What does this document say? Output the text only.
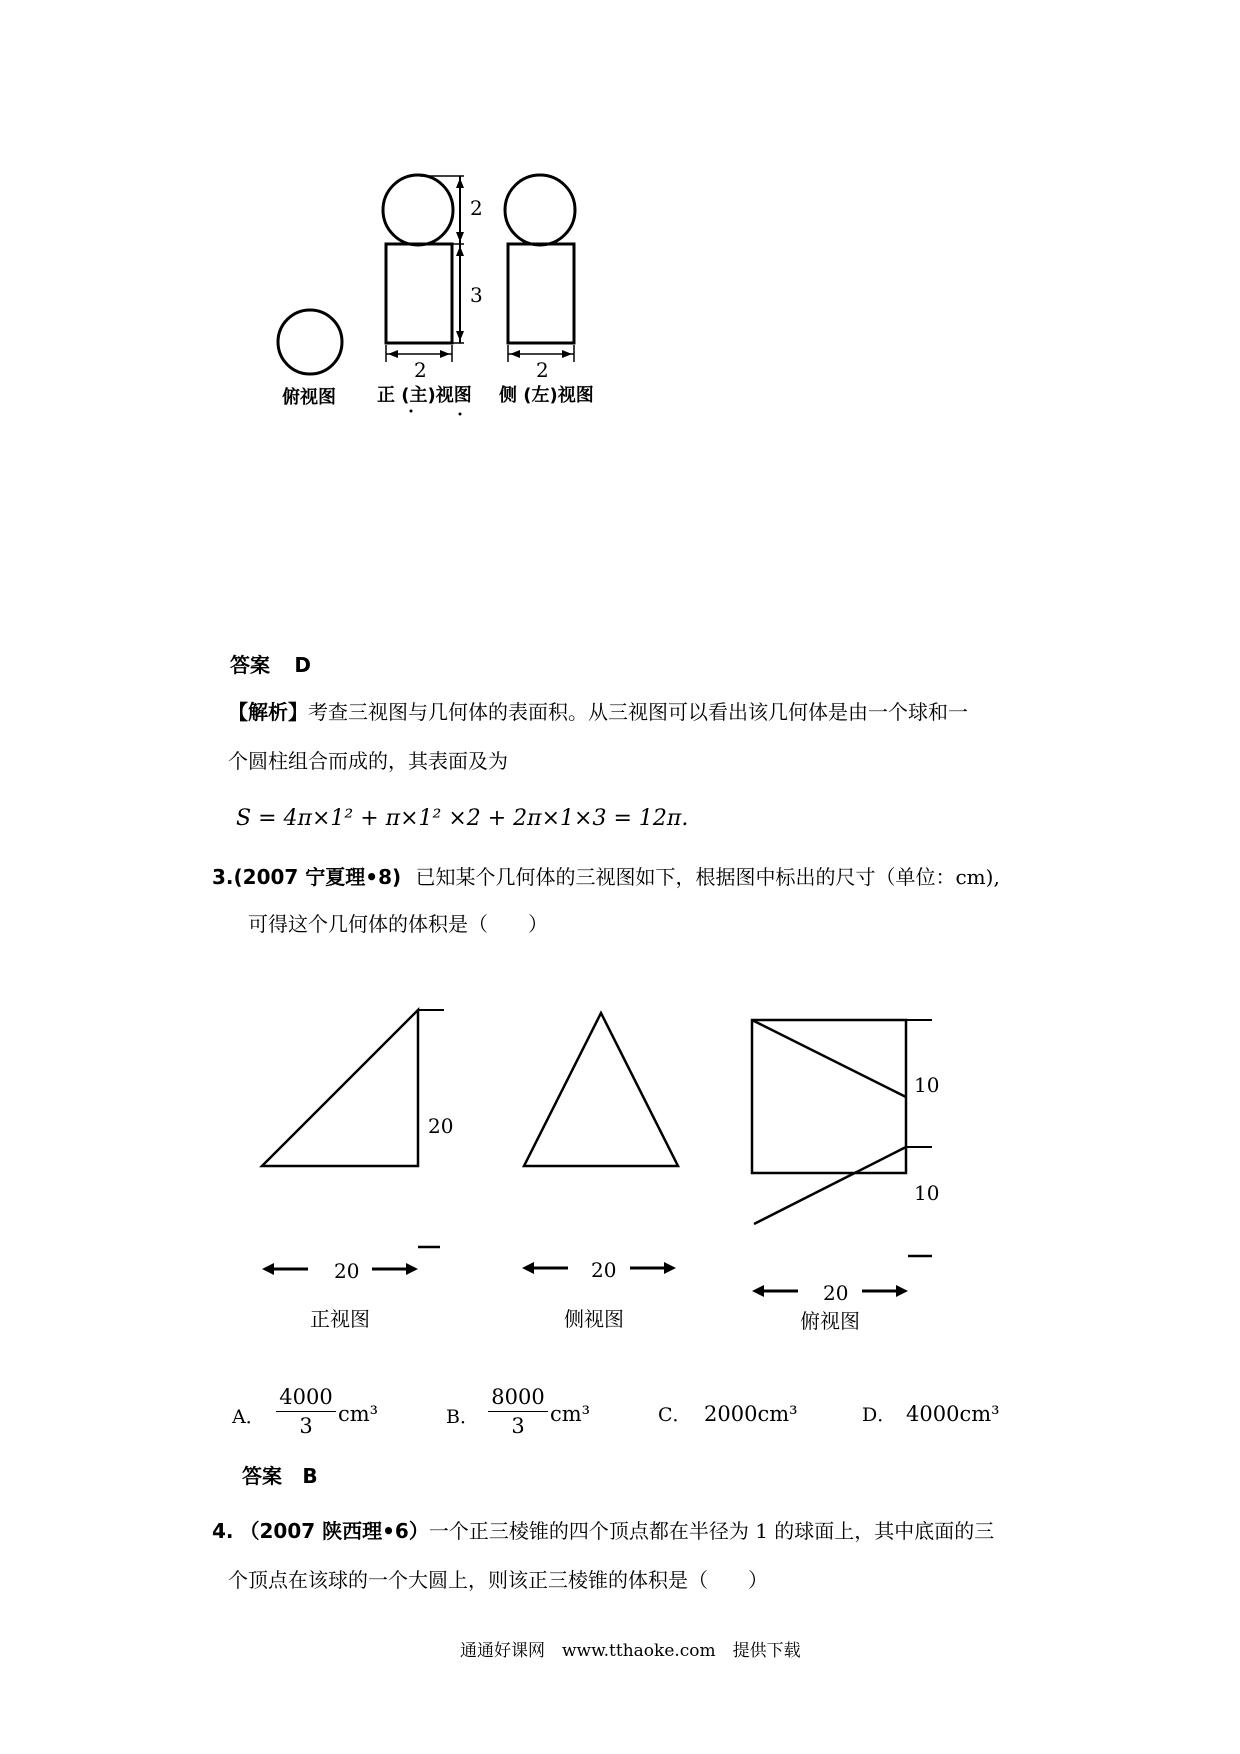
2
3
2	2
俯视图 正 (主)视图 侧 (左)视图
答案 D
【解析】考查三视图与几何体的表面积。从三视图可以看出该几何体是由一个球和一
个圆柱组合而成的，其表面及为
S = 4π×1² + π×1² ×2 + 2π×1×3 = 12π.
3.(2007 宁夏理•8) 已知某个几何体的三视图如下，根据图中标出的尺寸（单位：cm),
可得这个几何体的体积是（　　）
20
20	20
10
10
20
正视图	侧视图	俯视图
A． $\frac{4000}{3} cm^3$	B． $\frac{8000}{3} cm^3$	C． 2000cm³	D． 4000cm³
答案 B
4. （2007 陕西理•6）一个正三棱锥的四个顶点都在半径为 1 的球面上，其中底面的三
个顶点在该球的一个大圆上，则该正三棱锥的体积是（　　）
通通好课网　www.tthaoke.com　提供下载
